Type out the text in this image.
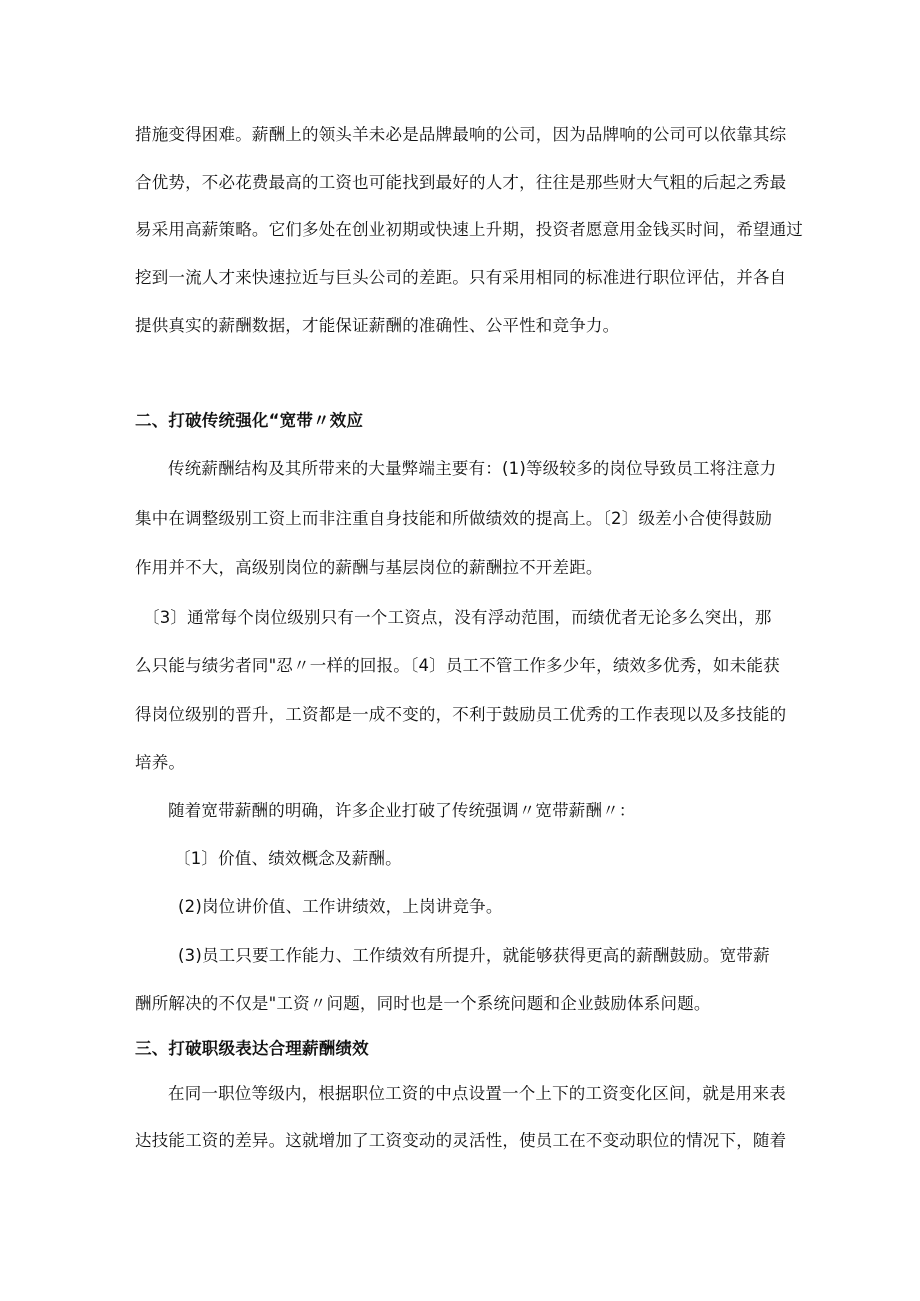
措施变得困难。薪酬上的领头羊未必是品牌最响的公司，因为品牌响的公司可以依靠其综
合优势，不必花费最高的工资也可能找到最好的人才，往往是那些财大气粗的后起之秀最
易采用高薪策略。它们多处在创业初期或快速上升期，投资者愿意用金钱买时间，希望通过
挖到一流人才来快速拉近与巨头公司的差距。只有采用相同的标准进行职位评估，并各自
提供真实的薪酬数据，才能保证薪酬的准确性、公平性和竞争力。
二、打破传统强化“宽带〃效应
传统薪酬结构及其所带来的大量弊端主要有：(1)等级较多的岗位导致员工将注意力
集中在调整级别工资上而非注重自身技能和所做绩效的提高上。〔2〕级差小合使得鼓励
作用并不大，高级别岗位的薪酬与基层岗位的薪酬拉不开差距。
〔3〕通常每个岗位级别只有一个工资点，没有浮动范围，而绩优者无论多么突出，那
么只能与绩劣者同"忍〃一样的回报。〔4〕员工不管工作多少年，绩效多优秀，如未能获
得岗位级别的晋升，工资都是一成不变的，不利于鼓励员工优秀的工作表现以及多技能的
培养。
随着宽带薪酬的明确，许多企业打破了传统强调〃宽带薪酬〃：
〔1〕价值、绩效概念及薪酬。
(2)岗位讲价值、工作讲绩效，上岗讲竞争。
(3)员工只要工作能力、工作绩效有所提升，就能够获得更高的薪酬鼓励。宽带薪
酬所解决的不仅是"工资〃问题，同时也是一个系统问题和企业鼓励体系问题。
三、打破职级表达合理薪酬绩效
在同一职位等级内，根据职位工资的中点设置一个上下的工资变化区间，就是用来表
达技能工资的差异。这就增加了工资变动的灵活性，使员工在不变动职位的情况下，随着
